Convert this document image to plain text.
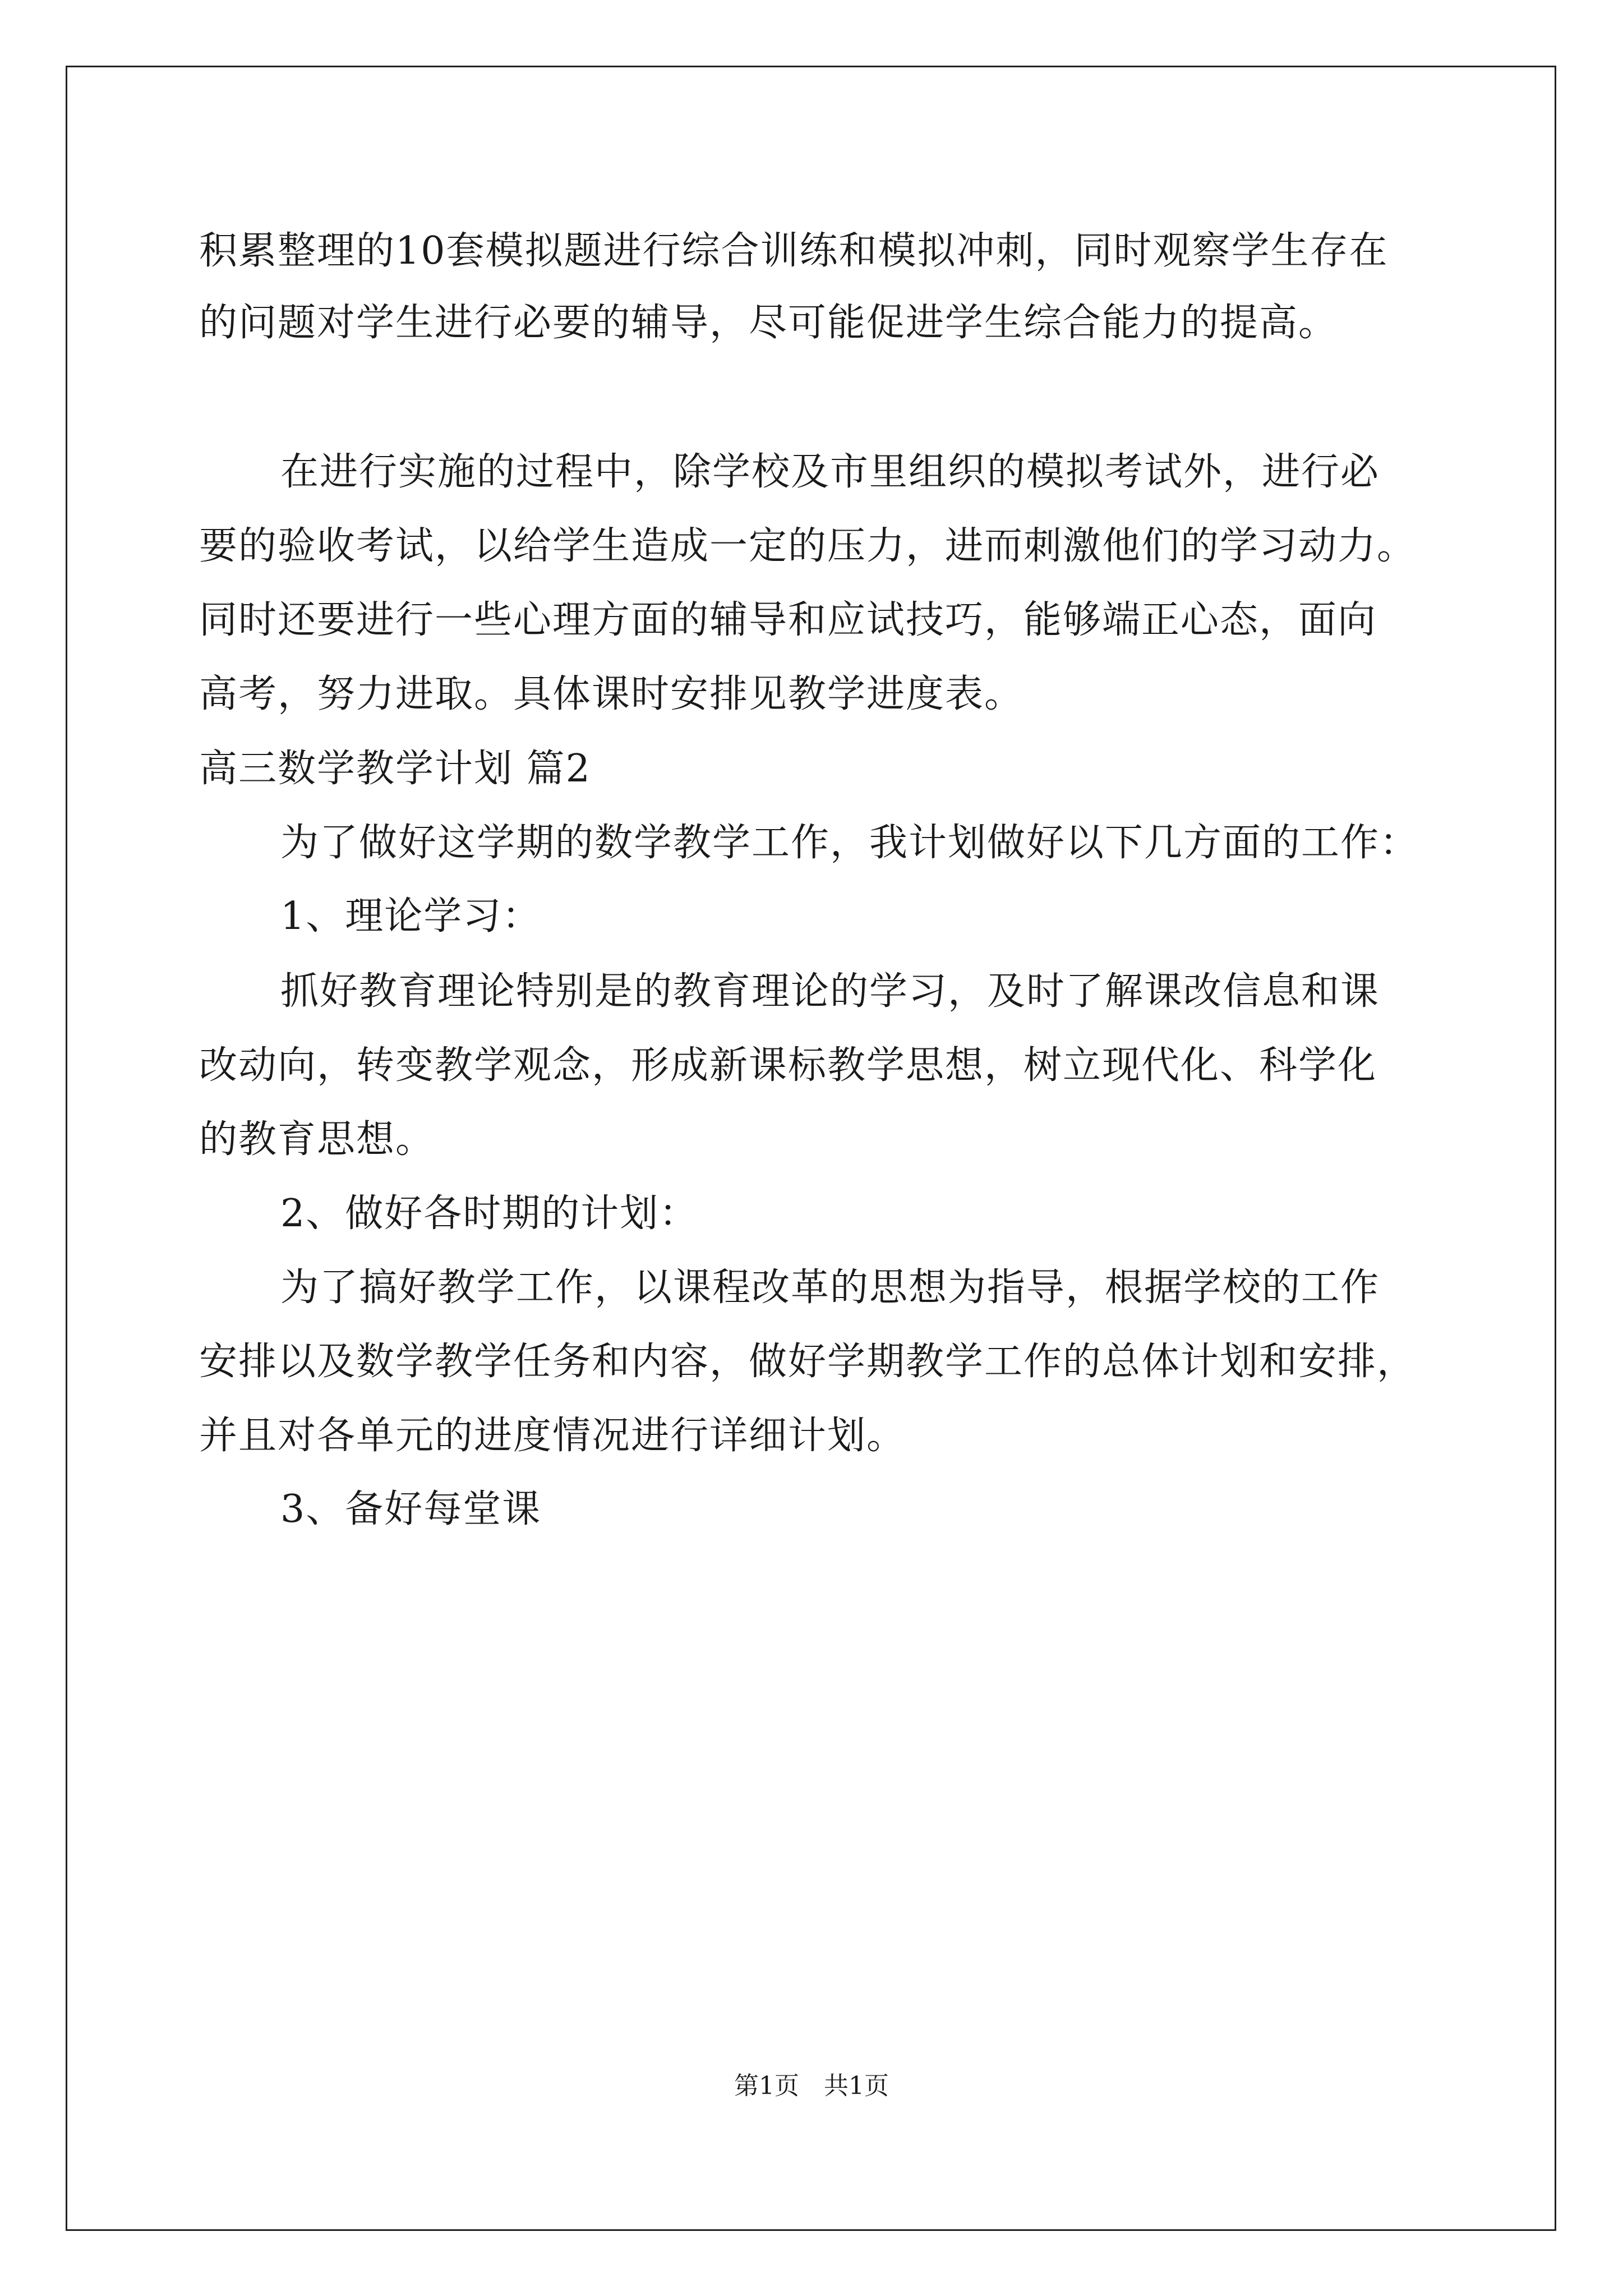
积累整理的10套模拟题进行综合训练和模拟冲刺，同时观察学生存在
的问题对学生进行必要的辅导，尽可能促进学生综合能力的提高。
在进行实施的过程中，除学校及市里组织的模拟考试外，进行必
要的验收考试，以给学生造成一定的压力，进而刺激他们的学习动力。
同时还要进行一些心理方面的辅导和应试技巧，能够端正心态，面向
高考，努力进取。具体课时安排见教学进度表。
高三数学教学计划 篇2
为了做好这学期的数学教学工作，我计划做好以下几方面的工作：
1、理论学习：
抓好教育理论特别是的教育理论的学习，及时了解课改信息和课
改动向，转变教学观念，形成新课标教学思想，树立现代化、科学化
的教育思想。
2、做好各时期的计划：
为了搞好教学工作，以课程改革的思想为指导，根据学校的工作
安排以及数学教学任务和内容，做好学期教学工作的总体计划和安排，
并且对各单元的进度情况进行详细计划。
3、备好每堂课
第1页　共1页
